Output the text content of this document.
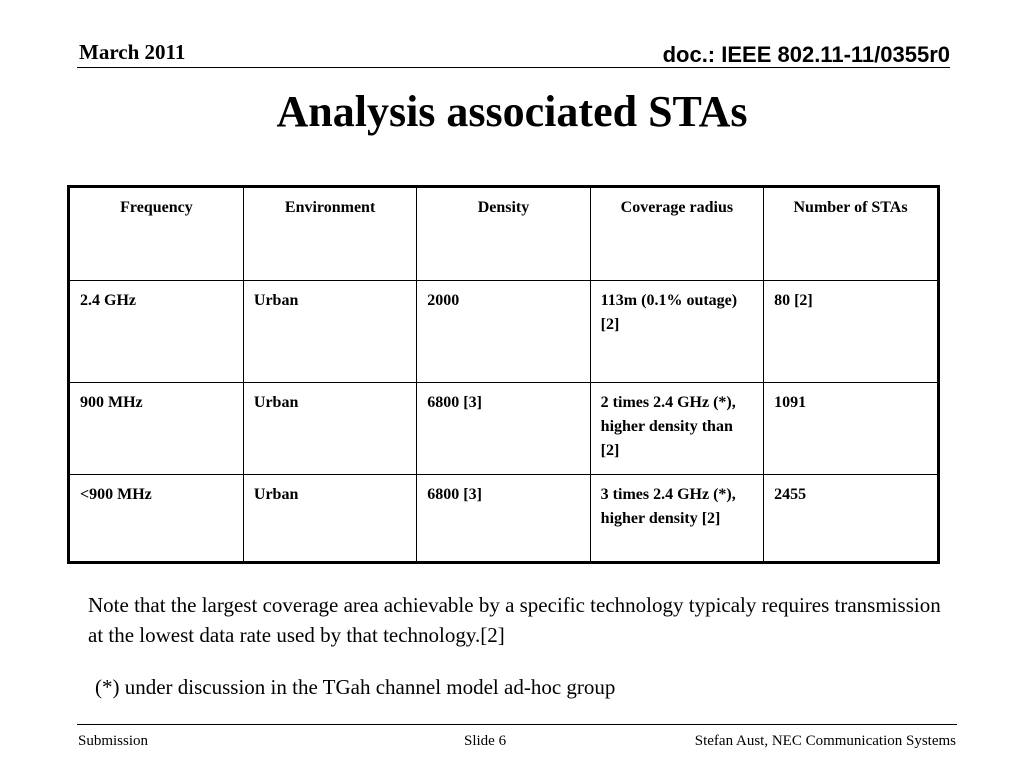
March 2011	doc.: IEEE 802.11-11/0355r0
Analysis associated STAs
Frequency	Environment	Density	Coverage radius	Number of STAs
2.4 GHz	Urban	2000	113m (0.1% outage) [2]	80 [2]
900 MHz	Urban	6800 [3]	2 times 2.4 GHz (*), higher density than [2]	1091
<900 MHz	Urban	6800 [3]	3 times 2.4 GHz (*), higher density [2]	2455
Note that the largest coverage area achievable by a specific technology typicaly requires transmission at the lowest data rate used by that technology.[2]
(*) under discussion in the TGah channel model ad-hoc group
Submission	Slide 6	Stefan Aust, NEC Communication Systems
